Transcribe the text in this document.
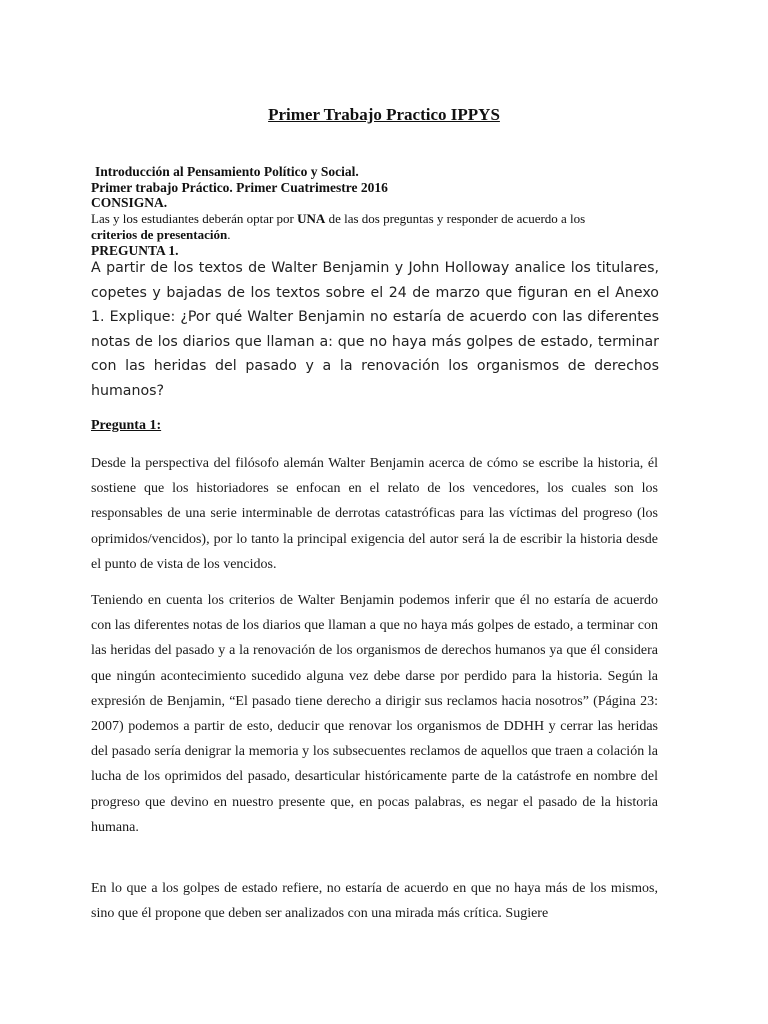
Primer Trabajo Practico IPPYS
Introducción al Pensamiento Político y Social.
Primer trabajo Práctico. Primer Cuatrimestre 2016
CONSIGNA.
Las y los estudiantes deberán optar por UNA de las dos preguntas y responder de acuerdo a los
criterios de presentación.
PREGUNTA 1.
A partir de los textos de Walter Benjamin y John Holloway analice los titulares, copetes y bajadas de los textos sobre el 24 de marzo que figuran en el Anexo 1. Explique: ¿Por qué Walter Benjamin no estaría de acuerdo con las diferentes notas de los diarios que llaman a: que no haya más golpes de estado, terminar con las heridas del pasado y a la renovación los organismos de derechos humanos?
Pregunta 1:
Desde la perspectiva del filósofo alemán Walter Benjamin acerca de cómo se escribe la historia, él sostiene que los historiadores se enfocan en el relato de los vencedores, los cuales son los responsables de una serie interminable de derrotas catastróficas para las víctimas del progreso (los oprimidos/vencidos), por lo tanto la principal exigencia del autor será la de escribir la historia desde el punto de vista de los vencidos.
Teniendo en cuenta los criterios de Walter Benjamin podemos inferir que él no estaría de acuerdo con las diferentes notas de los diarios que llaman a que no haya más golpes de estado, a terminar con las heridas del pasado y a la renovación de los organismos de derechos humanos ya que él considera que ningún acontecimiento sucedido alguna vez debe darse por perdido para la historia. Según la expresión de Benjamin, “El pasado tiene derecho a dirigir sus reclamos hacia nosotros” (Página 23: 2007) podemos a partir de esto, deducir que renovar los organismos de DDHH y cerrar las heridas del pasado sería denigrar la memoria y los subsecuentes reclamos de aquellos que traen a colación la lucha de los oprimidos del pasado, desarticular históricamente parte de la catástrofe en nombre del progreso que devino en nuestro presente que, en pocas palabras, es negar el pasado de la historia humana.
En lo que a los golpes de estado refiere, no estaría de acuerdo en que no haya más de los mismos, sino que él propone que deben ser analizados con una mirada más crítica. Sugiere
